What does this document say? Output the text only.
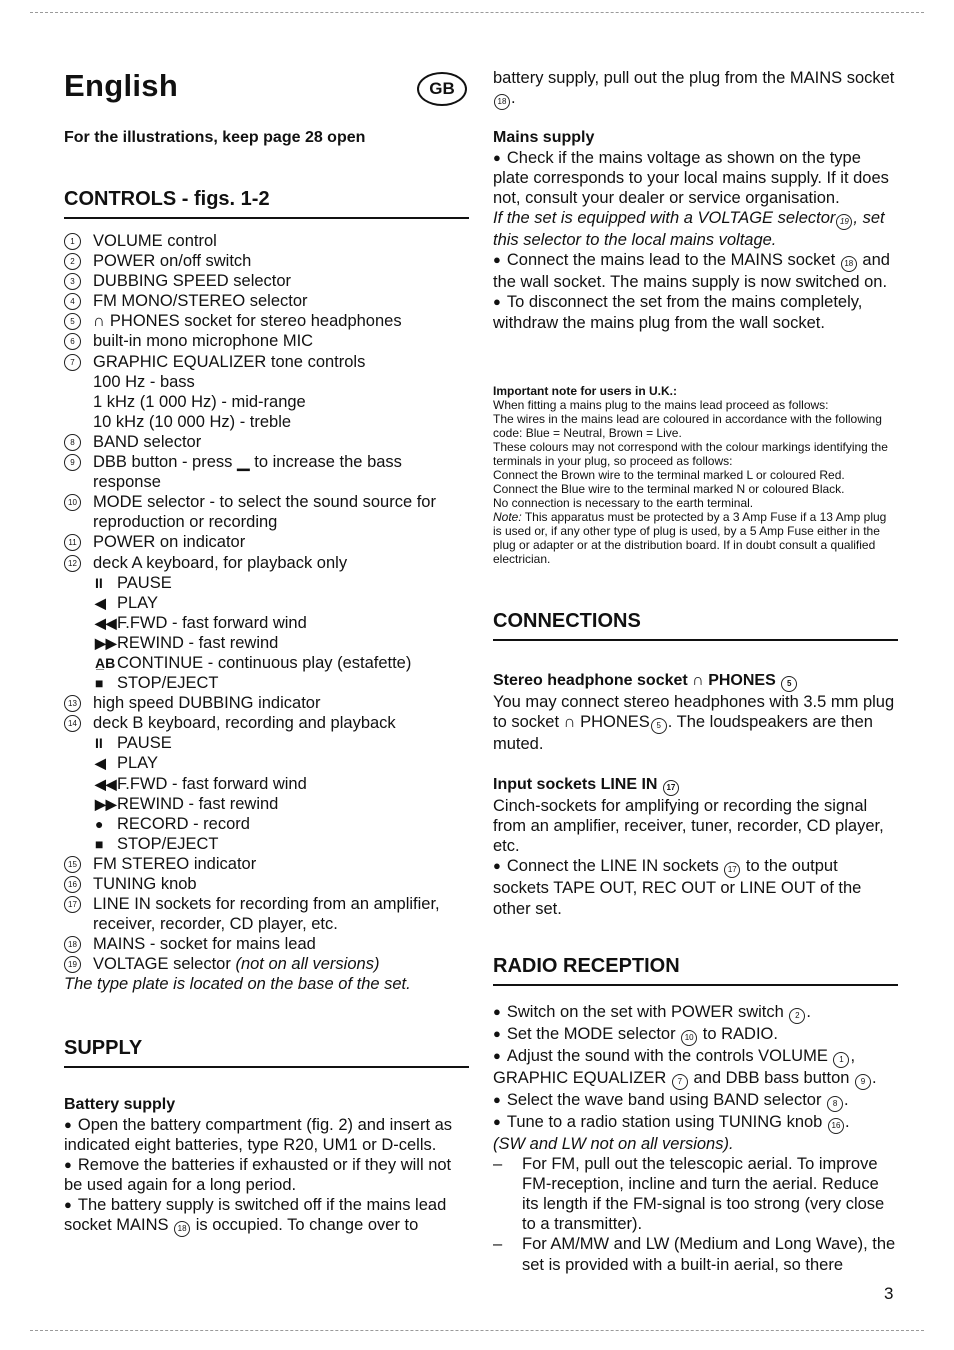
English	GB

For the illustrations, keep page 28 open

CONTROLS - figs. 1-2
1	VOLUME control
2	POWER on/off switch
3	DUBBING SPEED selector
4	FM MONO/STEREO selector
5	∩ PHONES socket for stereo headphones
6	built-in mono microphone MIC
7	GRAPHIC EQUALIZER tone controls
100 Hz - bass
1 kHz (1 000 Hz) - mid-range
10 kHz (10 000 Hz) - treble
8	BAND selector
9	DBB button - press ▁ to increase the bass response
10 MODE selector - to select the sound source for reproduction or recording
11 POWER on indicator
12 deck A keyboard, for playback only
II PAUSE
◀ PLAY
◀◀F.FWD - fast forward wind
▶▶REWIND - fast rewind
A̲B CONTINUE - continuous play (estafette)
■ STOP/EJECT
13 high speed DUBBING indicator
14 deck B keyboard, recording and playback
II PAUSE
◀ PLAY
◀◀F.FWD - fast forward wind
▶▶REWIND - fast rewind
● RECORD - record
■ STOP/EJECT
15 FM STEREO indicator
16 TUNING knob
17 LINE IN sockets for recording from an amplifier, receiver, recorder, CD player, etc.
18 MAINS - socket for mains lead
19 VOLTAGE selector (not on all versions)
The type plate is located on the base of the set.
SUPPLY

Battery supply

● Open the battery compartment (fig. 2) and insert as indicated eight batteries, type R20, UM1 or D-cells.

● Remove the batteries if exhausted or if they will not be used again for a long period.

● The battery supply is switched off if the mains lead socket MAINS 18 is occupied. To change over to

battery supply, pull out the plug from the MAINS socket 18 .

Mains supply

● Check if the mains voltage as shown on the type plate corresponds to your local mains supply. If it does not, consult your dealer or service organisation.

If the set is equipped with a VOLTAGE selector 19 , set this selector to the local mains voltage.

● Connect the mains lead to the MAINS socket 18 and the wall socket. The mains supply is now switched on.

● To disconnect the set from the mains completely, withdraw the mains plug from the wall socket.

Important note for users in U.K.:

When fitting a mains plug to the mains lead proceed as follows:

The wires in the mains lead are coloured in accordance with the following code: Blue = Neutral, Brown = Live.

These colours may not correspond with the colour markings identifying the terminals in your plug, so proceed as follows:

Connect the Brown wire to the terminal marked L or coloured Red.

Connect the Blue wire to the terminal marked N or coloured Black.

No connection is necessary to the earth terminal.

Note: This apparatus must be protected by a 3 Amp Fuse if a 13 Amp plug is used or, if any other type of plug is used, by a 5 Amp Fuse either in the plug or adapter or at the distribution board. If in doubt consult a qualified electrician.

CONNECTIONS

Stereo headphone socket ∩ PHONES 5

You may connect stereo headphones with 3.5 mm plug to socket ∩ PHONES 5 . The loudspeakers are then muted.

Input sockets LINE IN 17

Cinch-sockets for amplifying or recording the signal from an amplifier, receiver, tuner, recorder, CD player, etc.

● Connect the LINE IN sockets 17 to the output sockets TAPE OUT, REC OUT or LINE OUT of the other set.

RADIO RECEPTION

● Switch on the set with POWER switch 2 .

● Set the MODE selector 10 to RADIO.

● Adjust the sound with the controls VOLUME 1 , GRAPHIC EQUALIZER 7 and DBB bass button 9 .

● Select the wave band using BAND selector 8 .

● Tune to a radio station using TUNING knob 16 .

(SW and LW not on all versions).

–	For FM, pull out the telescopic aerial. To improve FM-reception, incline and turn the aerial. Reduce its length if the FM-signal is too strong (very close to a transmitter).
–	For AM/MW and LW (Medium and Long Wave), the set is provided with a built-in aerial, so there
3
